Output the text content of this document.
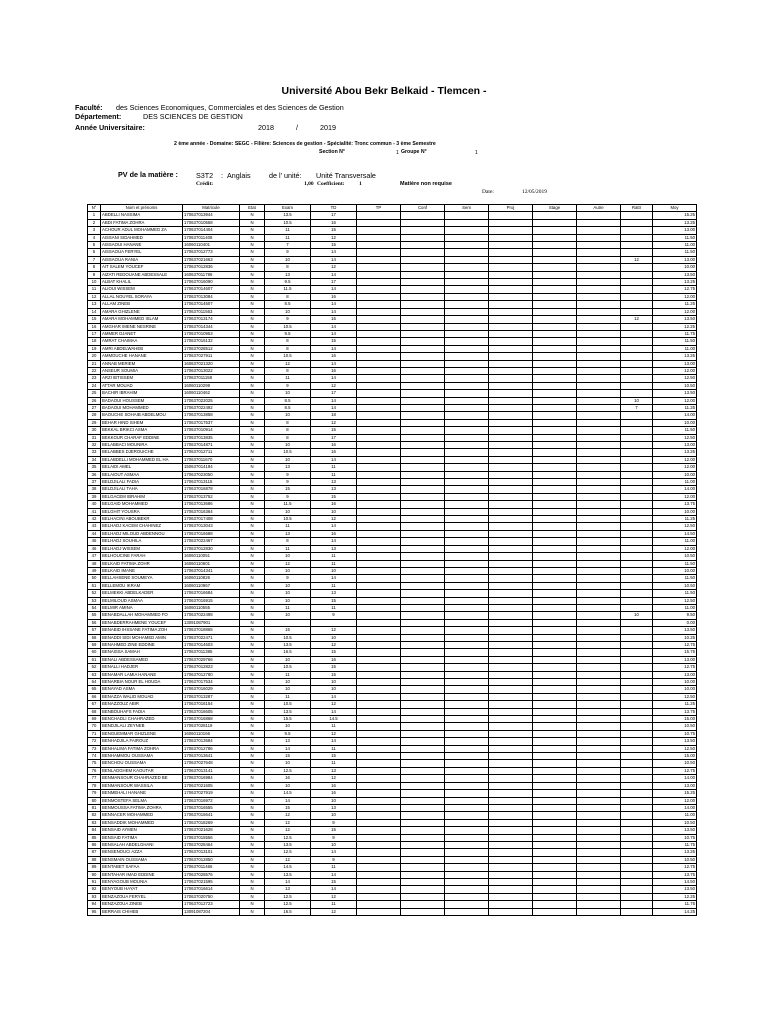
Université Abou Bekr Belkaid - Tlemcen -
Faculté: des Sciences Economiques, Commerciales et des Sciences de Gestion
Département:	DES SCIENCES DE GESTION
Année Universitaire:	2018	/	2019
2 ème année - Domaine: SEGC - Filière: Sciences de gestion - Spécialité: Tronc commun - 3 ème Semestre
Section N°	1 Groupe N°	1
PV de la matière :	S3T2 : Anglais	de l' unité: Unité Transversale
Crédit:	1,00 Coefficient:	1	Matière non requise
Date:	12/05/2019
N°	Nom et prénoms	Matricule	Etat	Exam	TD	TP	Conf	Sem	Proj	Stage	Autre	Rattr	Moy
1	ABDELLI NASSIMA	170637013944	N	13.5	17								15.25
2	ABDI FATIMA ZOHRA	170637010558	N	10.5	16								13.25
3	ACHOUR ADUL MOHAMMED ZA	170637014404	N	11	15								13.00
4	AISSANI SIDAHMED	170637011408	N	11	12								11.50
5	AISSAOUI HANANE	16060110401	N	7	15								11.00
6	AISSAOUA FERYEL	170637012773	N	9	14								11.50
7	AISSAOUA RANIA	170637021663	N	10	14							12	13.00
8	AIT SALEM YOUCEF	170637012836	N	8	12								10.00
9	AIZATI REDOUANE ABDESSALE	160637011786	N	13	14								13.50
10	ALBAT KHALIL	170637016090	N	9.5	17								13.25
11	ALIOUI WISSEM	170637014607	N	11.5	14								12.75
12	ALLAL NOUYEL SORAYA	170637013084	N	8	16								12.00
13	ALLAM ZINEB	170637014607	N	8.5	14								11.25
14	AMARA GHIZLENE	170637011563	N	10	14								12.00
15	AMARA MOHAMMED ISLAM	170637013174	N	9	15							12	13.50
16	AMGHAR IMENE NESRINE	170637014344	N	10.5	14								12.25
17	AMMER DJANET	170637010953	N	9.5	14								11.75
18	AMRAT CHAIMAA	170637016132	N	8	15								11.50
19	AMRI ABDELWAHEB	170637028512	N	8	14								11.00
20	AMMOUCHE HANANE	170637027911	N	10.5	16								13.25
21	ANNAB MERIEM	160637021320	N	12	14								13.00
22	ANSEUR SOUMIA	170637013022	N	8	16								12.00
23	ARZI IBTISSEM	170637011158	N	11	14								12.50
24	ATTAR MOUAD	16060110299	N	9	12								10.50
25	BACHIR IBRAHIM	16060110462	N	10	17								13.50
26	BADAOUI HOUSSEM	170637022025	N	8.5	14							10	12.00
27	BADAOUI MOHAMMED	170637022492	N	8.5	14							7	11.25
28	BAOUCHE SOHAIB ABDELMOU	170637013858	N	10	18								14.00
29	BEHAR HIND SIHEM	170637017537	N	8	12								10.00
30	BEKKAL BRIKCI ASMA	170637010914	N	8	15								11.50
31	BEKKOUR CHARAF EDDINE	170637013835	N	8	17								12.50
32	BELABBACI MOUNIRA	170637014871	N	10	16								13.00
33	BELABBES DJEROUICHE	170637012711	N	10.5	16								13.25
34	BELABDELLI MOHAMMED EL HA	170637011670	N	10	14								12.00
35	BELAIDI AMEL	150637014194	N	13	11								12.00
36	BELAIOUT ASMAA	170637023050	N	9	11								10.00
37	BELDJILALI FADIA	170637013115	N	9	13								11.00
38	BELDJILALI TAHA	170637016878	N	15	13								14.00
39	BELGACEM IBRAHIM	170637013752	N	9	15								12.00
40	BELGAID MOHAMMED	170637013686	N	11.5	16								13.75
41	BELGHIT YOUSRA	170637016364	N	10	10								10.00
42	BELHACINI ABOUBEKR	170637017408	N	10.5	12								11.25
43	BELHADJ KACEM CHAHINEZ	170637013043	N	11	14								12.50
44	BELHADJ MILOUD ABDENNOU	170637016688	N	13	16								14.50
45	BELHADJ SOUHILA	170637022467	N	8	14								11.00
46	BELHADJ WISSEM	170637012830	N	11	13								12.00
47	BELHOUCINE FARAH	16060110051	N	10	11								10.50
48	BELKAID FATIMA ZOHR	16060110601	N	12	11								11.50
49	BELKAID IMANE	170637014341	N	10	10								10.00
50	BELLAHSENE SOUMEYA	16060110826	N	9	14								11.50
51	BELLEMOU IKRAM	16060110967	N	10	11								10.50
52	BELMEKKI ABDELKADER	170637016684	N	10	13								11.50
53	BELMILOUD ASMAA	170637016915	N	10	15								12.50
54	BELMIR AMINA	16060110555	N	11	11								11.00
55	BENABDALLAH MOHAMMED FO	170637022498	N	10	9							10	9.50
56	BENABDERRAHMENE YOUCEF	13091087901	N										0.00
57	BENABID IHSSANE FATIMA ZOH	170637018865	N	15	12								13.50
58	BENADDI SIDI MOHAMED AMIN	170637022471	N	10.5	10								10.25
59	BENAHMED ZINE EDDINE	170637014603	N	13.5	12								12.75
60	BENAISSA SAMAH	170637011385	N	16.5	15								15.75
61	BENALI ABDESSAMED	170637029766	N	10	16								13.00
62	BENALLI HADJER	170637012823	N	10.5	15								12.75
63	BENAMAR LAMIA HANANE	170637012780	N	11	15								13.00
64	BENARBIA NOUR EL HOUDA	170637017534	N	10	10								10.00
65	BENAYAD ASMA	170637016029	N	10	10								10.00
66	BENAZZA WALID MOUAD	170637013287	N	11	14								12.50
67	BENAZZOUZ ABIR	170637016154	N	10.5	12								11.25
68	BENBOUHAFS FADIA	170637016605	N	13.5	14								13.75
69	BENCHADLI CHAHRAZED	170637016868	N	15.5	14.5								15.00
70	BENDJILALI ZEYNEB	170637028119	N	10	11								10.50
71	BENGUEMMAR GHIZLENE	16060110166	N	9.5	12								10.75
72	BENHADJILA FAIROUZ	170637013684	N	13	14								13.50
73	BENHALIMA FATIMA ZOHRA	170637012786	N	14	11								12.50
74	BENHAMMOU OUSSAMA	170637013641	N	15	15								15.00
75	BENCHOU OUSSAMA	170637027648	N	10	11								10.50
76	BENLADGHEM KAOUTAR	170637013141	N	12.5	13								12.75
77	BENMANSOUR CHAHRAZED BE	170637016984	N	16	12								14.00
78	BENMANSOUR WASSILA	170637021605	N	10	16								13.00
79	BENMEHALI HANANE	170637027919	N	14.5	16								15.25
80	BENMOSTEFA SELMA	170637016972	N	14	10								12.00
81	BENMOUSSA FATIMA ZOHRA	170637016555	N	15	13								14.00
82	BENNACER MOHAMMED	170637016641	N	12	10								11.00
83	BENSADDIK MOHAMMED	170637018269	N	12	9								10.50
84	BENSAID AYMEN	170637021628	N	12	15								13.50
85	BENSAID FATIMA	170637015556	N	12.5	9								10.75
86	BENSALAH ABDELGHANI	170637028464	N	13.5	10								11.75
87	BENSENOUCI AZZA	170637013101	N	12.5	14								13.25
88	BENSMAIN OUSSAMA	170637012850	N	12	9								10.50
89	BENTABET SAFAA	170637011466	N	14.5	11								12.75
90	BENTAHAR IMAD EDDINE	170637028576	N	13.5	14								13.75
91	BENYAGOUB MOUNIA	170637021595	N	14	15								14.50
92	BENYOUB HAYAT	170637016614	N	13	14								13.50
93	BENZAZOUA FERYEL	170637020750	N	12.5	12								12.25
94	BENZAZOUA ZINEB	170637012723	N	12.5	11								11.75
95	BERRAIS CHIHEB	13091087204	N	16.5	12								14.25
